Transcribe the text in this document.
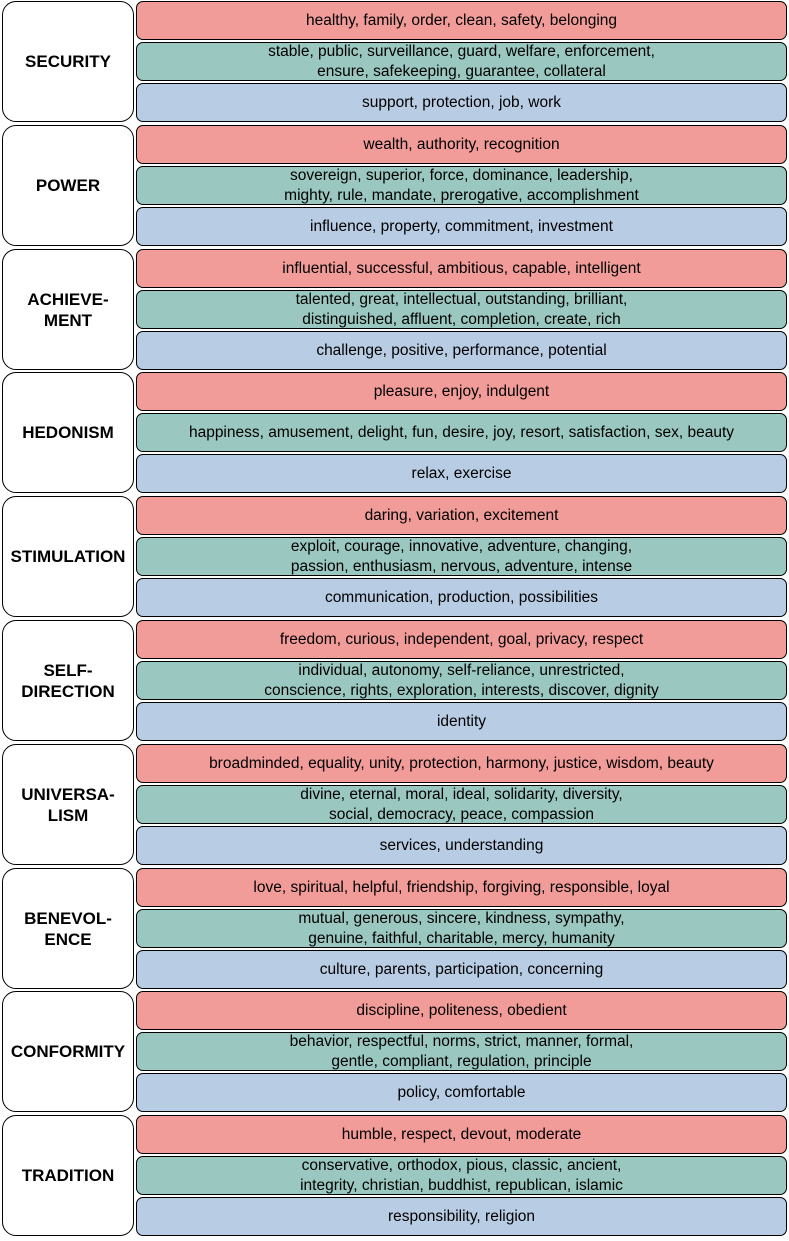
SECURITY
healthy, family, order, clean, safety, belonging
stable, public, surveillance, guard, welfare, enforcement,
ensure, safekeeping, guarantee, collateral
support, protection, job, work
POWER
wealth, authority, recognition
sovereign, superior, force, dominance, leadership,
mighty, rule, mandate, prerogative, accomplishment
influence, property, commitment, investment
ACHIEVE-
MENT
influential, successful, ambitious, capable, intelligent
talented, great, intellectual, outstanding, brilliant,
distinguished, affluent, completion, create, rich
challenge, positive, performance, potential
HEDONISM
pleasure, enjoy, indulgent
happiness, amusement, delight, fun, desire, joy, resort, satisfaction, sex, beauty
relax, exercise
STIMULATION
daring, variation, excitement
exploit, courage, innovative, adventure, changing,
passion, enthusiasm, nervous, adventure, intense
communication, production, possibilities
SELF-
DIRECTION
freedom, curious, independent, goal, privacy, respect
individual, autonomy, self-reliance, unrestricted,
conscience, rights, exploration, interests, discover, dignity
identity
UNIVERSA-
LISM
broadminded, equality, unity, protection, harmony, justice, wisdom, beauty
divine, eternal, moral, ideal, solidarity, diversity,
social, democracy, peace, compassion
services, understanding
BENEVOL-
ENCE
love, spiritual, helpful, friendship, forgiving, responsible, loyal
mutual, generous, sincere, kindness, sympathy,
genuine, faithful, charitable, mercy, humanity
culture, parents, participation, concerning
CONFORMITY
discipline, politeness, obedient
behavior, respectful, norms, strict, manner, formal,
gentle, compliant, regulation, principle
policy, comfortable
TRADITION
humble, respect, devout, moderate
conservative, orthodox, pious, classic, ancient,
integrity, christian, buddhist, republican, islamic
responsibility, religion
